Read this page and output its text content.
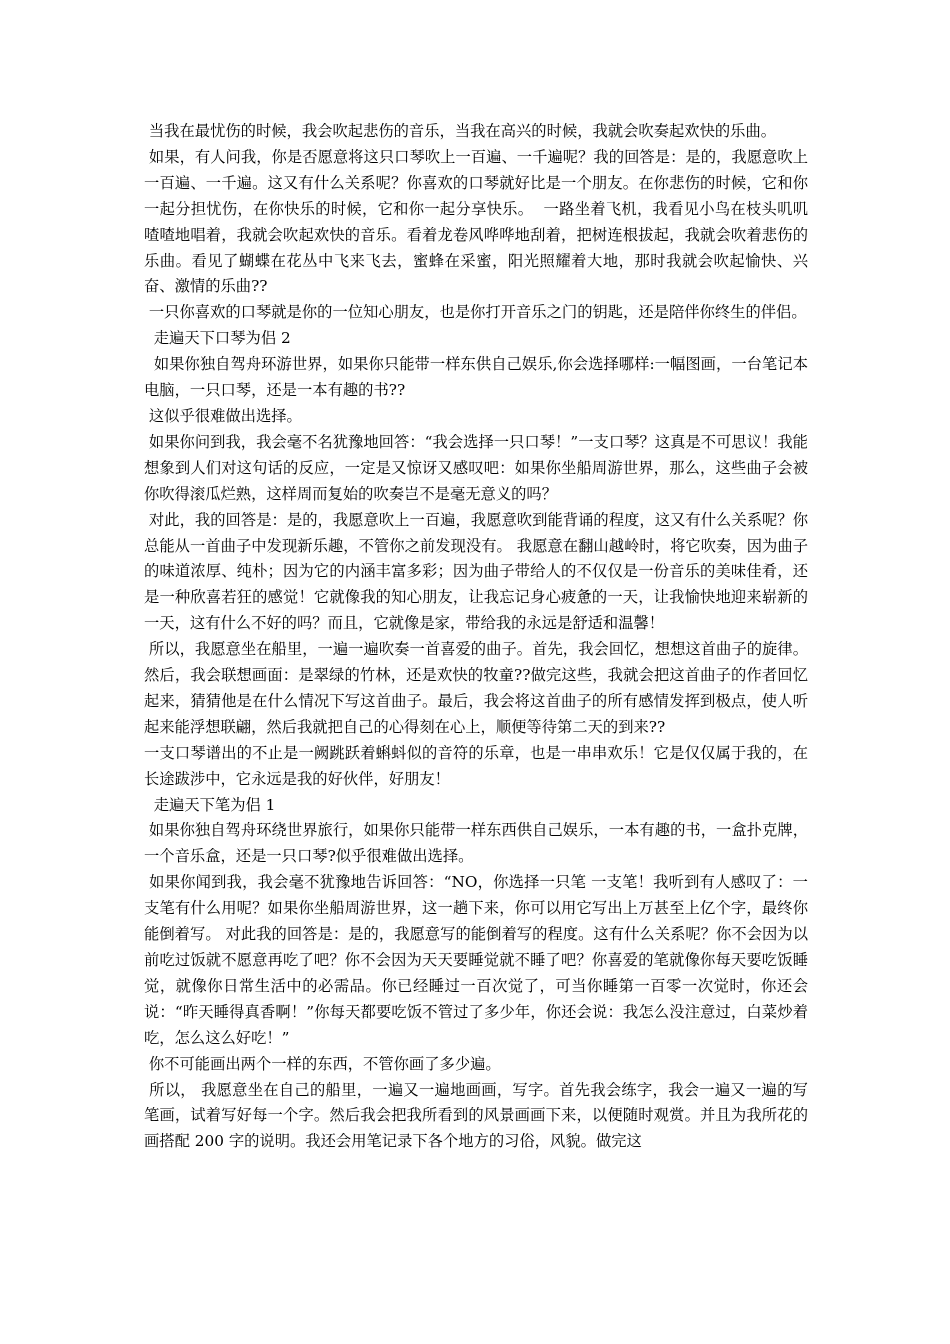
当我在最忧伤的时候，我会吹起悲伤的音乐，当我在高兴的时候，我就会吹奏起欢快的乐曲。

如果，有人问我，你是否愿意将这只口琴吹上一百遍、一千遍呢？我的回答是：是的，我愿意吹上一百遍、一千遍。这又有什么关系呢？你喜欢的口琴就好比是一个朋友。在你悲伤的时候，它和你一起分担忧伤，在你快乐的时候，它和你一起分享快乐。  一路坐着飞机，我看见小鸟在枝头叽叽喳喳地唱着，我就会吹起欢快的音乐。看着龙卷风哗哗地刮着，把树连根拔起，我就会吹着悲伤的乐曲。看见了蝴蝶在花丛中飞来飞去，蜜蜂在采蜜，阳光照耀着大地，那时我就会吹起愉快、兴奋、激情的乐曲??

一只你喜欢的口琴就是你的一位知心朋友，也是你打开音乐之门的钥匙，还是陪伴你终生的伴侣。

走遍天下口琴为侣 2

如果你独自驾舟环游世界，如果你只能带一样东供自己娱乐,你会选择哪样:一幅图画，一台笔记本电脑，一只口琴，还是一本有趣的书??

这似乎很难做出选择。

如果你问到我，我会毫不名犹豫地回答：“我会选择一只口琴！”一支口琴？这真是不可思议！我能想象到人们对这句话的反应，一定是又惊讶又感叹吧：如果你坐船周游世界，那么，这些曲子会被你吹得滚瓜烂熟，这样周而复始的吹奏岂不是毫无意义的吗？

对此，我的回答是：是的，我愿意吹上一百遍，我愿意吹到能背诵的程度，这又有什么关系呢？你总能从一首曲子中发现新乐趣，不管你之前发现没有。 我愿意在翻山越岭时，将它吹奏，因为曲子的味道浓厚、纯朴；因为它的内涵丰富多彩；因为曲子带给人的不仅仅是一份音乐的美味佳肴，还是一种欣喜若狂的感觉！它就像我的知心朋友，让我忘记身心疲惫的一天，让我愉快地迎来崭新的一天，这有什么不好的吗？而且，它就像是家，带给我的永远是舒适和温馨！

所以，我愿意坐在船里，一遍一遍吹奏一首喜爱的曲子。首先，我会回忆，想想这首曲子的旋律。然后，我会联想画面：是翠绿的竹林，还是欢快的牧童??做完这些，我就会把这首曲子的作者回忆起来，猜猜他是在什么情况下写这首曲子。最后，我会将这首曲子的所有感情发挥到极点，使人听起来能浮想联翩，然后我就把自己的心得刻在心上，顺便等待第二天的到来??

一支口琴谱出的不止是一阙跳跃着蝌蚪似的音符的乐章，也是一串串欢乐！它是仅仅属于我的，在长途跋涉中，它永远是我的好伙伴，好朋友！

走遍天下笔为侣 1

如果你独自驾舟环绕世界旅行，如果你只能带一样东西供自己娱乐，一本有趣的书，一盒扑克牌，一个音乐盒，还是一只口琴?似乎很难做出选择。

如果你闻到我，我会毫不犹豫地告诉回答：“NO，你选择一只笔 一支笔！我听到有人感叹了：一支笔有什么用呢？如果你坐船周游世界，这一趟下来，你可以用它写出上万甚至上亿个字，最终你能倒着写。 对此我的回答是：是的，我愿意写的能倒着写的程度。这有什么关系呢？你不会因为以前吃过饭就不愿意再吃了吧？你不会因为天天要睡觉就不睡了吧？你喜爱的笔就像你每天要吃饭睡觉，就像你日常生活中的必需品。你已经睡过一百次觉了，可当你睡第一百零一次觉时，你还会说：“昨天睡得真香啊！”你每天都要吃饭不管过了多少年，你还会说：我怎么没注意过，白菜炒着吃，怎么这么好吃！”

你不可能画出两个一样的东西，不管你画了多少遍。

所以， 我愿意坐在自己的船里，一遍又一遍地画画，写字。首先我会练字，我会一遍又一遍的写笔画，试着写好每一个字。然后我会把我所看到的风景画画下来，以便随时观赏。并且为我所花的画搭配 200 字的说明。我还会用笔记录下各个地方的习俗，风貌。做完这
